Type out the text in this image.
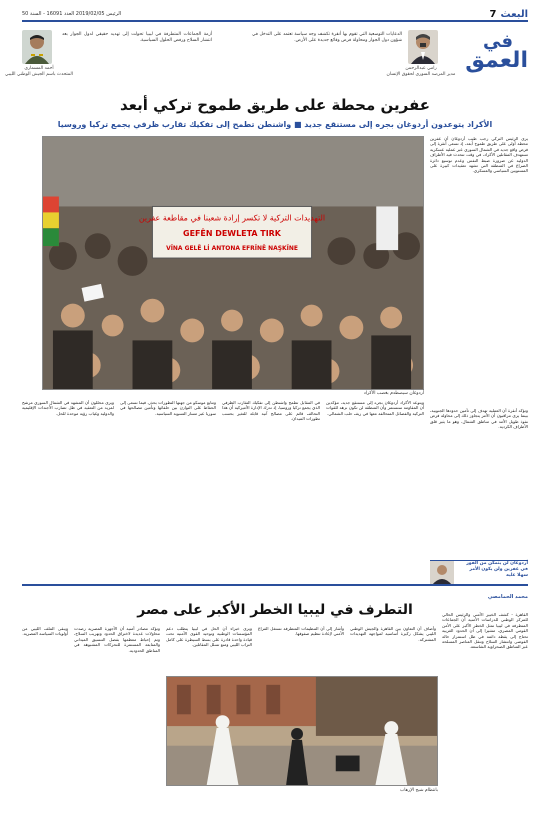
البعث
7
الرئيس 2019/02/05 العدد 16091 - السنة 50
في
العمق
رامي عبدالرحمن
مدير المرصد السوري لحقوق الإنسان
الدعايات التوسعية التي تقوم بها أنقرة تكشف وجه سياسة تعتمد على التدخل في شؤون دول الجوار ومحاولة فرض وقائع جديدة على الأرض.
أزمة الجماعات المتطرفة في ليبيا تحولت إلى تهديد حقيقي لدول الجوار بعد انتشار السلاح ورفض الحلول السياسية.
أحمد المسماري
المتحدث باسم الجيش الوطني الليبي
عفرين محطة على طريق طموح تركي أبعد
الأكراد يتوعدون أردوغان بجره إلى مستنقع جديد ■ واشنطن تطمح إلى تفكيك تقارب ظرفي يجمع تركيا وروسيا
يرى الرئيس التركي رجب طيب أردوغان أن عفرين محطة أولى على طريق طموح أبعد، إذ تسعى أنقرة إلى فرض واقع جديد في الشمال السوري عبر عملية عسكرية تستهدف المقاتلين الأكراد، في وقت تتحدث فيه الأطراف الدولية عن ضرورة ضبط النفس وعدم توسيع دائرة الصراع في المنطقة التي تشهد تعقيدات كبيرة على المستويين السياسي والعسكري.
التهديدات التركية لا تكسر إرادة شعبنا في مقاطعة عفرين
GEFÊN DEWLETA TIRK
VÎNA GELÊ Lİ ANTONA EFRÎNÊ NAŞKÎNE
أردوغان سيصطدم بغضب الأكراد
وتؤكد أنقرة أن العملية تهدف إلى تأمين حدودها الجنوبية، بينما يرى مراقبون أن الأمر يتجاوز ذلك إلى محاولة فرض نفوذ طويل الأمد في مناطق الشمال، وهو ما يثير قلق الأطراف الكردية.
ويتوعد الأكراد أردوغان بجره إلى مستنقع جديد، مؤكدين أن المقاومة ستستمر وأن المنطقة لن تكون نزهة للقوات التركية والفصائل المتحالفة معها في ريف حلب الشمالي.
في المقابل تطمح واشنطن إلى تفكيك التقارب الظرفي الذي يجمع تركيا وروسيا، إذ تدرك الإدارة الأميركية أن هذا التحالف قائم على مصالح آنية قابلة للتغير بحسب تطورات الميدان.
وتتابع موسكو من جهتها التطورات بحذر، فيما تسعى إلى الحفاظ على التوازن بين حلفائها وتأمين مصالحها في سوريا عبر مسار التسوية السياسية.
ويرى محللون أن المشهد في الشمال السوري مرشح لمزيد من التعقيد في ظل تضارب الأجندات الإقليمية والدولية وغياب رؤية موحدة للحل.
أردوغان لن يتمكن من الفوز في عفرين ولن يكون الأمر سهلا عليه
محمد الحمامصي
التطرف في ليبيا الخطر الأكبر على مصر	القاهرة - كشف الخبير الأمني والرئيس الحالي للمركز الوطني للدراسات الأمنية أن الجماعات المتطرفة في ليبيا تمثل الخطر الأكبر على الأمن القومي المصري، مشيرا إلى أن الحدود الغربية تحتاج إلى يقظة دائمة في ظل استمرار حالة الفوضى وانتشار السلاح وتنقل العناصر المسلحة عبر المناطق الصحراوية الشاسعة.
وأضاف أن التعاون بين القاهرة والجيش الوطني الليبي يشكل ركيزة أساسية لمواجهة التهديدات المشتركة.
وأشار إلى أن التنظيمات المتطرفة تستغل الفراغ الأمني لإعادة تنظيم صفوفها.
ويرى خبراء أن الحل في ليبيا يتطلب دعم المؤسسات الوطنية وتوحيد القوى الأمنية تحت قيادة واحدة قادرة على بسط السيطرة على كامل التراب الليبي ومنع تسلل المقاتلين.
وتؤكد مصادر أمنية أن الأجهزة المصرية رصدت محاولات عديدة لاختراق الحدود وتهريب السلاح، وتم إحباط معظمها بفضل التنسيق الميداني والمتابعة المستمرة للتحركات المشبوهة في المناطق الحدودية.
ويبقى الملف الليبي من أولويات السياسة المصرية.
بانتظام شبح الإرهاب
